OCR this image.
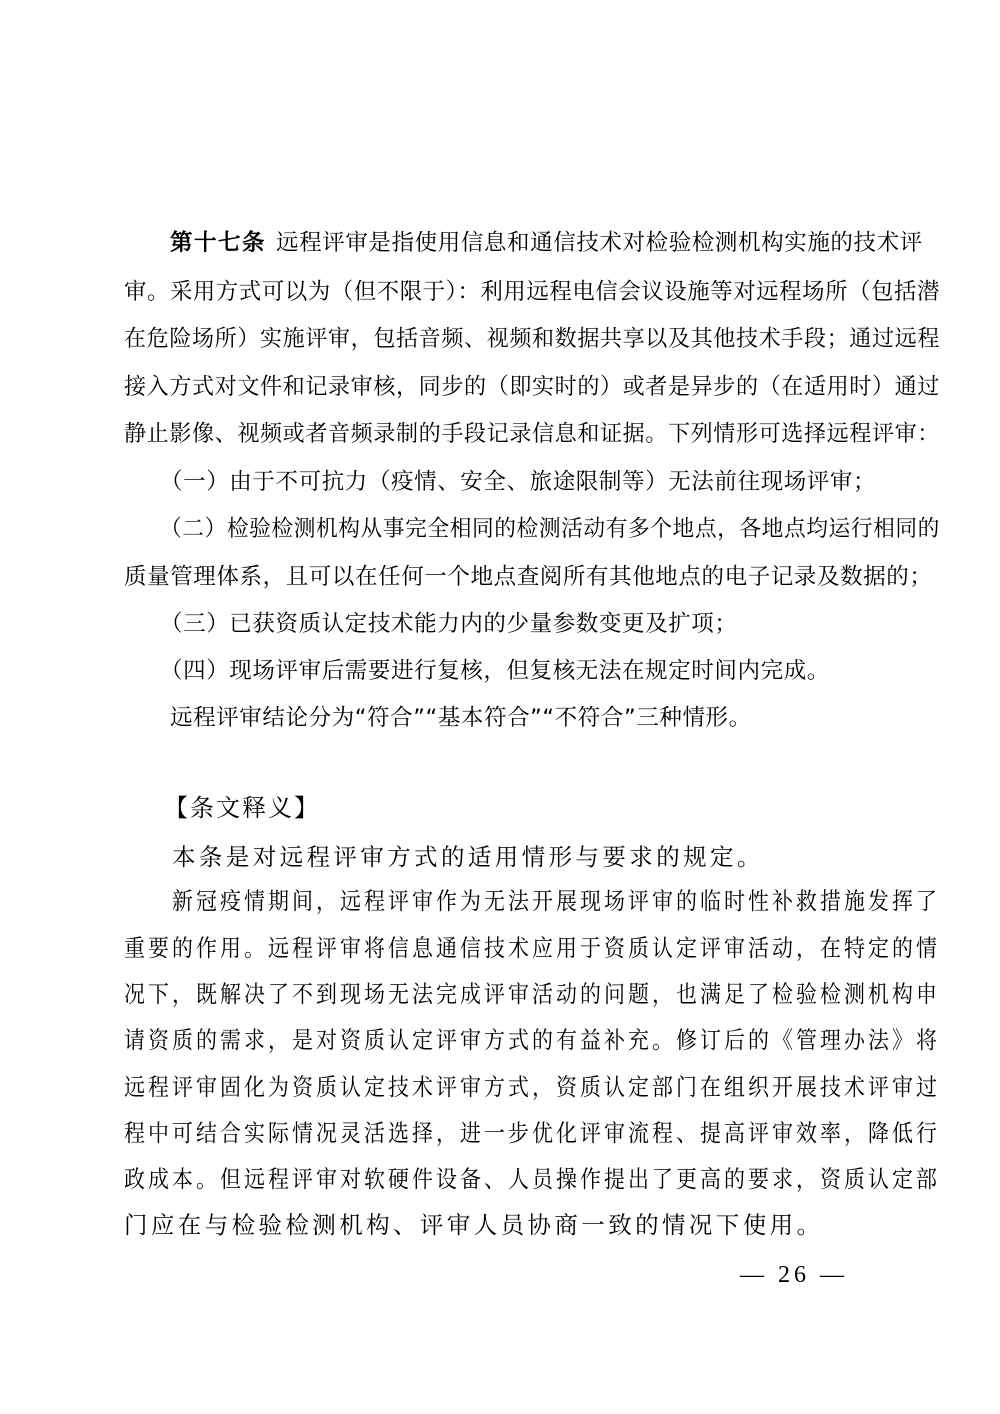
第十七条 远程评审是指使用信息和通信技术对检验检测机构实施的技术评

审。采用方式可以为（但不限于）：利用远程电信会议设施等对远程场所（包括潜

在危险场所）实施评审，包括音频、视频和数据共享以及其他技术手段；通过远程

接入方式对文件和记录审核，同步的（即实时的）或者是异步的（在适用时）通过

静止影像、视频或者音频录制的手段记录信息和证据。下列情形可选择远程评审：

（一）由于不可抗力（疫情、安全、旅途限制等）无法前往现场评审；

（二）检验检测机构从事完全相同的检测活动有多个地点，各地点均运行相同的

质量管理体系，且可以在任何一个地点查阅所有其他地点的电子记录及数据的；

（三）已获资质认定技术能力内的少量参数变更及扩项；

（四）现场评审后需要进行复核，但复核无法在规定时间内完成。

远程评审结论分为“符合”“基本符合”“不符合”三种情形。

【条文释义】

本条是对远程评审方式的适用情形与要求的规定。

新冠疫情期间，远程评审作为无法开展现场评审的临时性补救措施发挥了

重要的作用。远程评审将信息通信技术应用于资质认定评审活动，在特定的情

况下，既解决了不到现场无法完成评审活动的问题，也满足了检验检测机构申

请资质的需求，是对资质认定评审方式的有益补充。修订后的《管理办法》将

远程评审固化为资质认定技术评审方式，资质认定部门在组织开展技术评审过

程中可结合实际情况灵活选择，进一步优化评审流程、提高评审效率，降低行

政成本。但远程评审对软硬件设备、人员操作提出了更高的要求，资质认定部

门应在与检验检测机构、评审人员协商一致的情况下使用。

— 26 —
